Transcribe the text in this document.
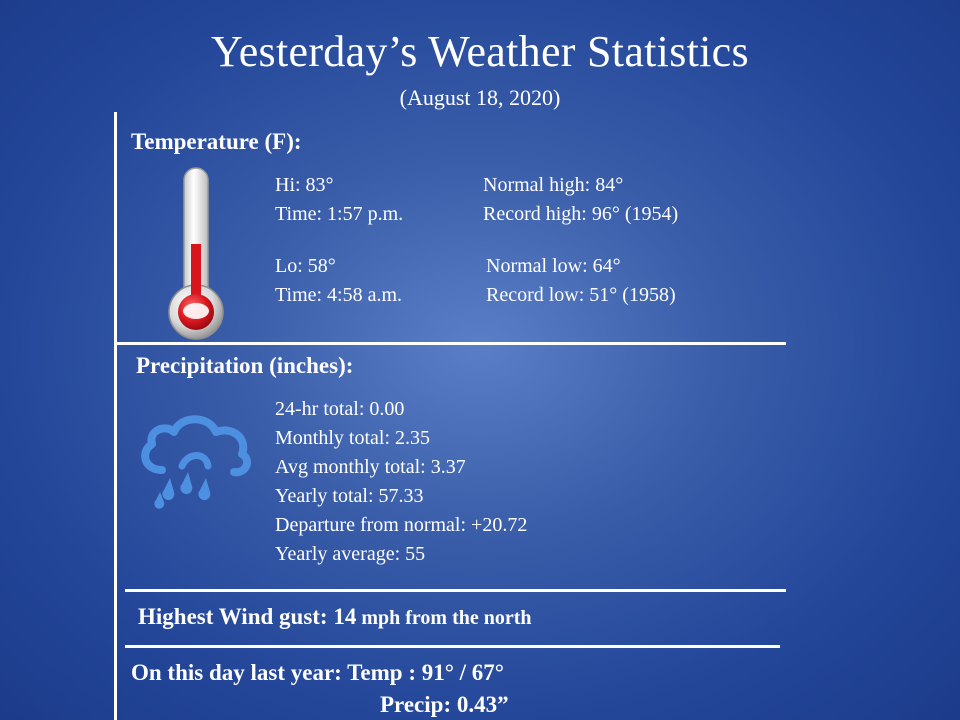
Yesterday’s Weather Statistics
(August 18, 2020)
Temperature (F):
Hi: 83°
Time: 1:57 p.m.
Normal high: 84°
Record high: 96° (1954)
Lo: 58°
Time: 4:58 a.m.
Normal low: 64°
Record low: 51° (1958)
Precipitation (inches):
24-hr total: 0.00
Monthly total: 2.35
Avg monthly total: 3.37
Yearly total: 57.33
Departure from normal: +20.72
Yearly average: 55
Highest Wind gust: 14 mph from the north
On this day last year: Temp : 91° / 67°
Precip: 0.43”
